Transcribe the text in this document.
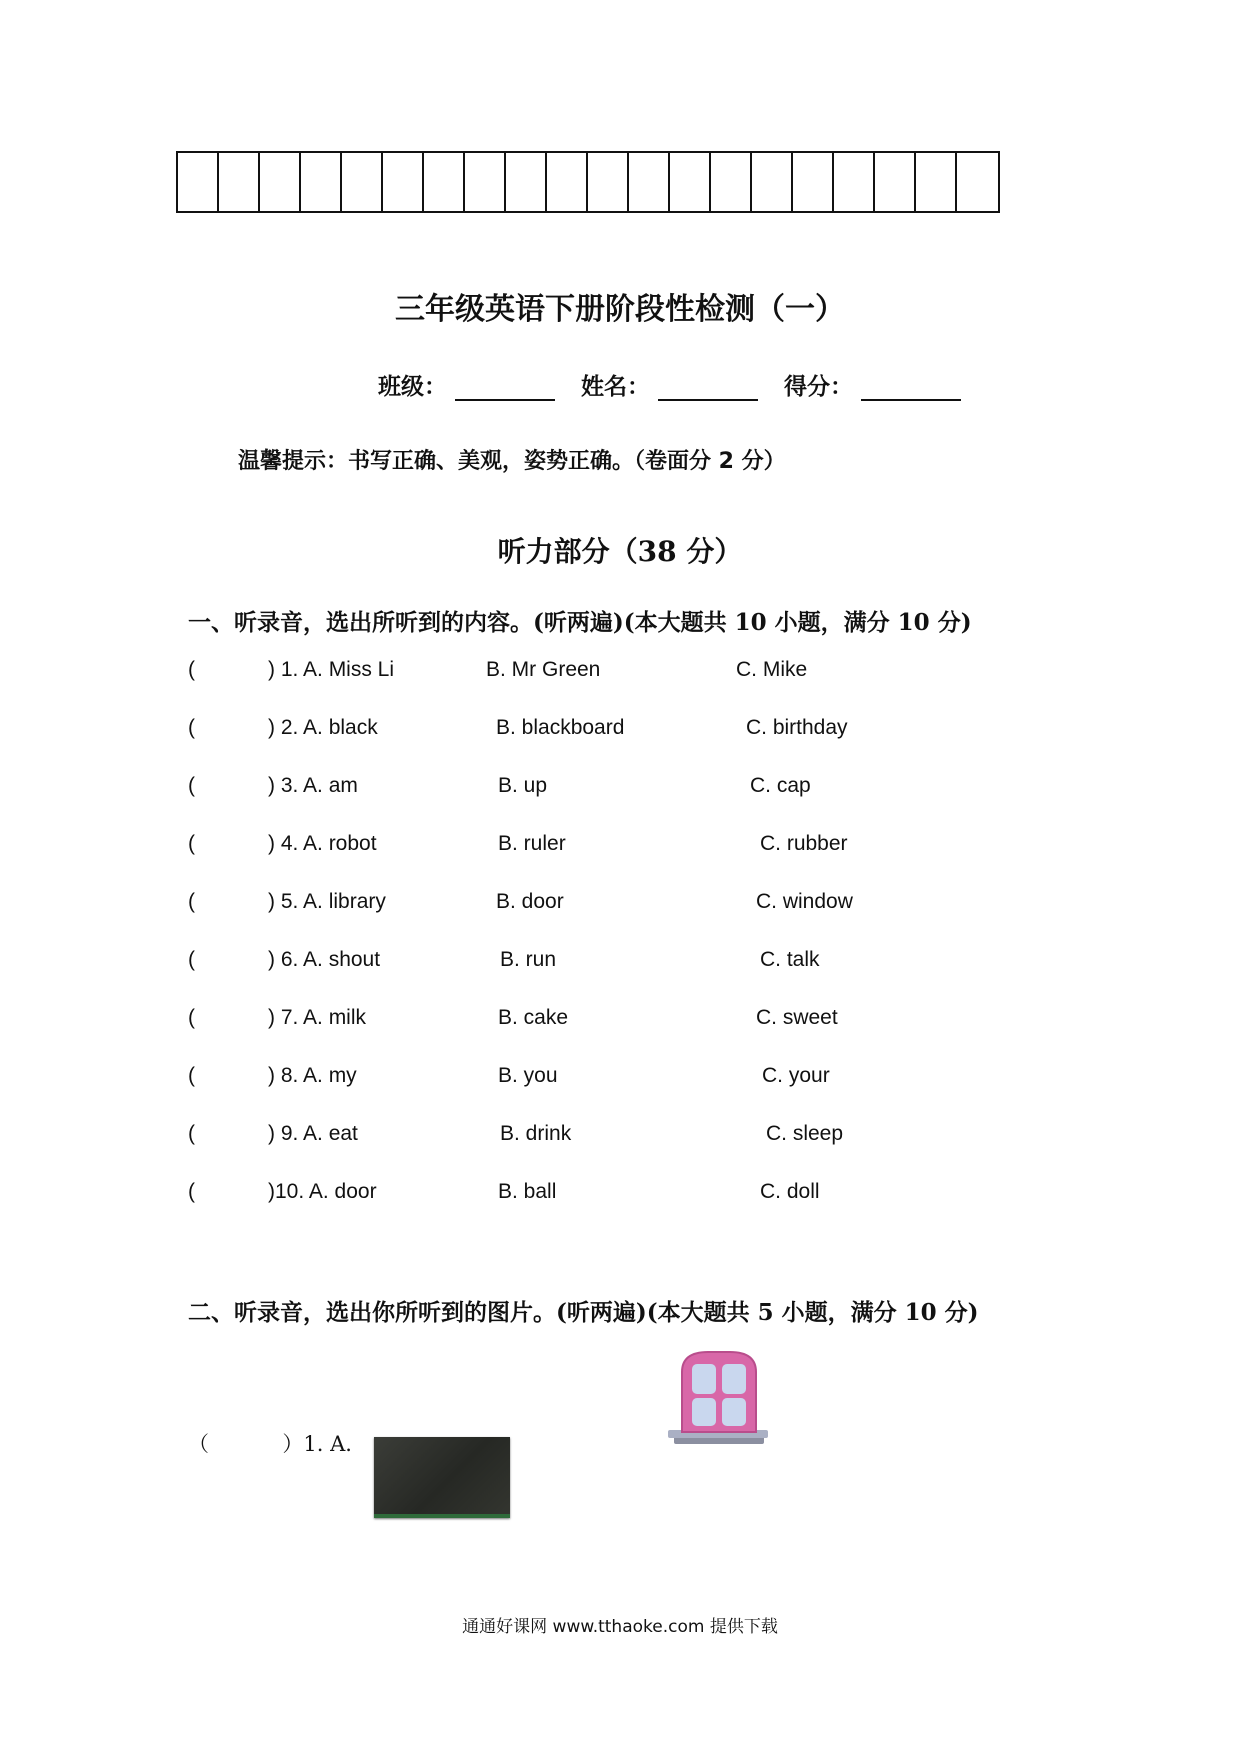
三年级英语下册阶段性检测（一）
班级：	姓名：	得分：
温馨提示：书写正确、美观，姿势正确。（卷面分 2 分）
听力部分（38 分）
一、听录音，选出所听到的内容。(听两遍)(本大题共 10 小题，满分 10 分)
(	) 1. A. Miss Li	B. Mr Green	C. Mike
(	) 2. A. black	B. blackboard	C. birthday
(	) 3. A. am	B. up	C. cap
(	) 4. A. robot	B. ruler	C. rubber
(	) 5. A. library	B. door	C. window
(	) 6. A. shout	B. run	C. talk
(	) 7. A. milk	B. cake	C. sweet
(	) 8. A. my	B. you	C. your
(	) 9. A. eat	B. drink	C. sleep
(	)10. A. door	B. ball	C. doll
二、听录音，选出你所听到的图片。(听两遍)(本大题共 5 小题，满分 10 分)
（	）1. A.
通通好课网 www.tthaoke.com 提供下载
